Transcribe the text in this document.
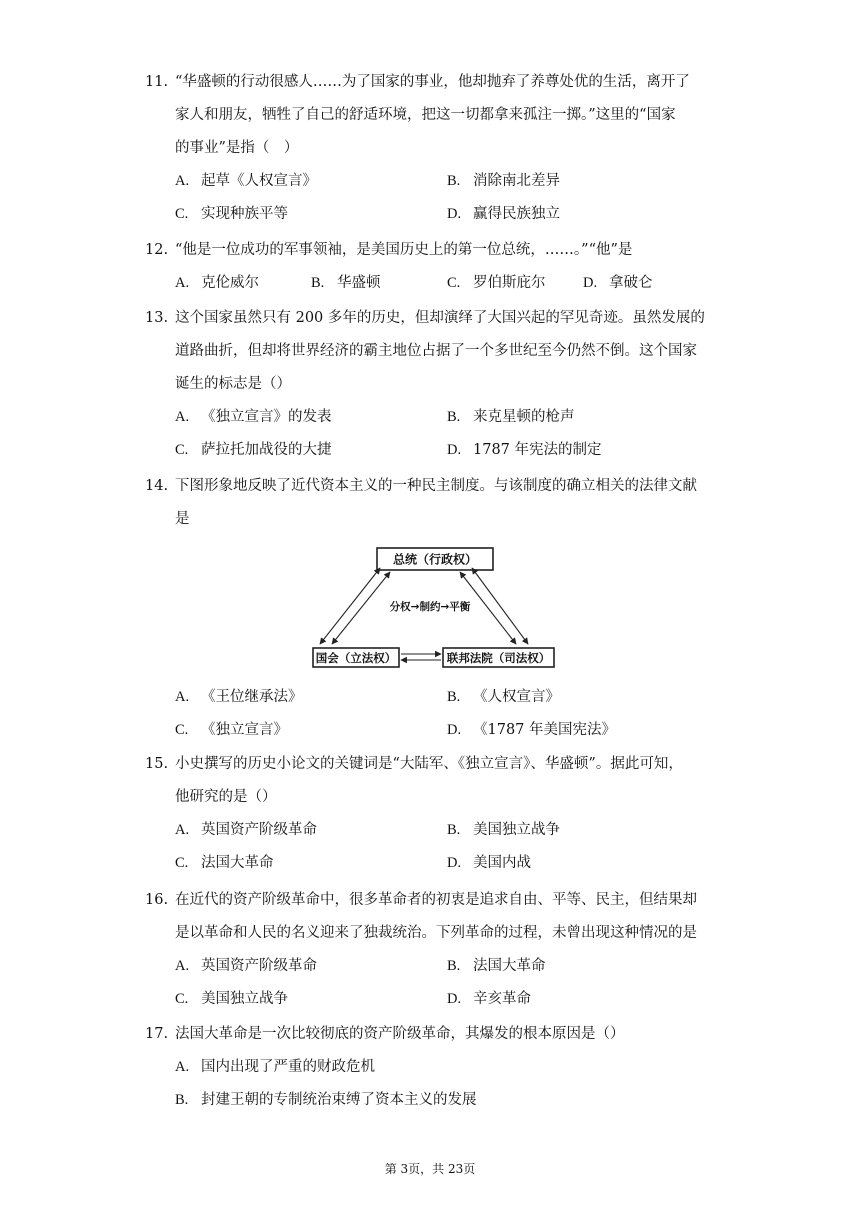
11. “华盛顿的行动很感人……为了国家的事业，他却抛弃了养尊处优的生活，离开了
家人和朋友，牺牲了自己的舒适环境，把这一切都拿来孤注一掷。”这里的“国家
的事业”是指（　）
A. 起草《人权宣言》	B. 消除南北差异
C. 实现种族平等	D. 赢得民族独立
12. “他是一位成功的军事领袖，是美国历史上的第一位总统，……。”“他”是
A. 克伦威尔	B. 华盛顿	C. 罗伯斯庇尔	D. 拿破仑
13. 这个国家虽然只有 200 多年的历史，但却演绎了大国兴起的罕见奇迹。虽然发展的
道路曲折，但却将世界经济的霸主地位占据了一个多世纪至今仍然不倒。这个国家
诞生的标志是（）
A. 《独立宣言》的发表	B. 来克星顿的枪声
C. 萨拉托加战役的大捷	D. 1787 年宪法的制定
14. 下图形象地反映了近代资本主义的一种民主制度。与该制度的确立相关的法律文献
是
总统（行政权）
国会（立法权）	联邦法院（司法权）
分权→制约→平衡
A. 《王位继承法》	B. 《人权宣言》
C. 《独立宣言》	D. 《1787 年美国宪法》
15. 小史撰写的历史小论文的关键词是“大陆军、《独立宣言》、华盛顿”。据此可知，
他研究的是（）
A. 英国资产阶级革命	B. 美国独立战争
C. 法国大革命	D. 美国内战
16. 在近代的资产阶级革命中，很多革命者的初衷是追求自由、平等、民主，但结果却
是以革命和人民的名义迎来了独裁统治。下列革命的过程，未曾出现这种情况的是
A. 英国资产阶级革命	B. 法国大革命
C. 美国独立战争	D. 辛亥革命
17. 法国大革命是一次比较彻底的资产阶级革命，其爆发的根本原因是（）
A. 国内出现了严重的财政危机
B. 封建王朝的专制统治束缚了资本主义的发展
第 3页，共 23页
